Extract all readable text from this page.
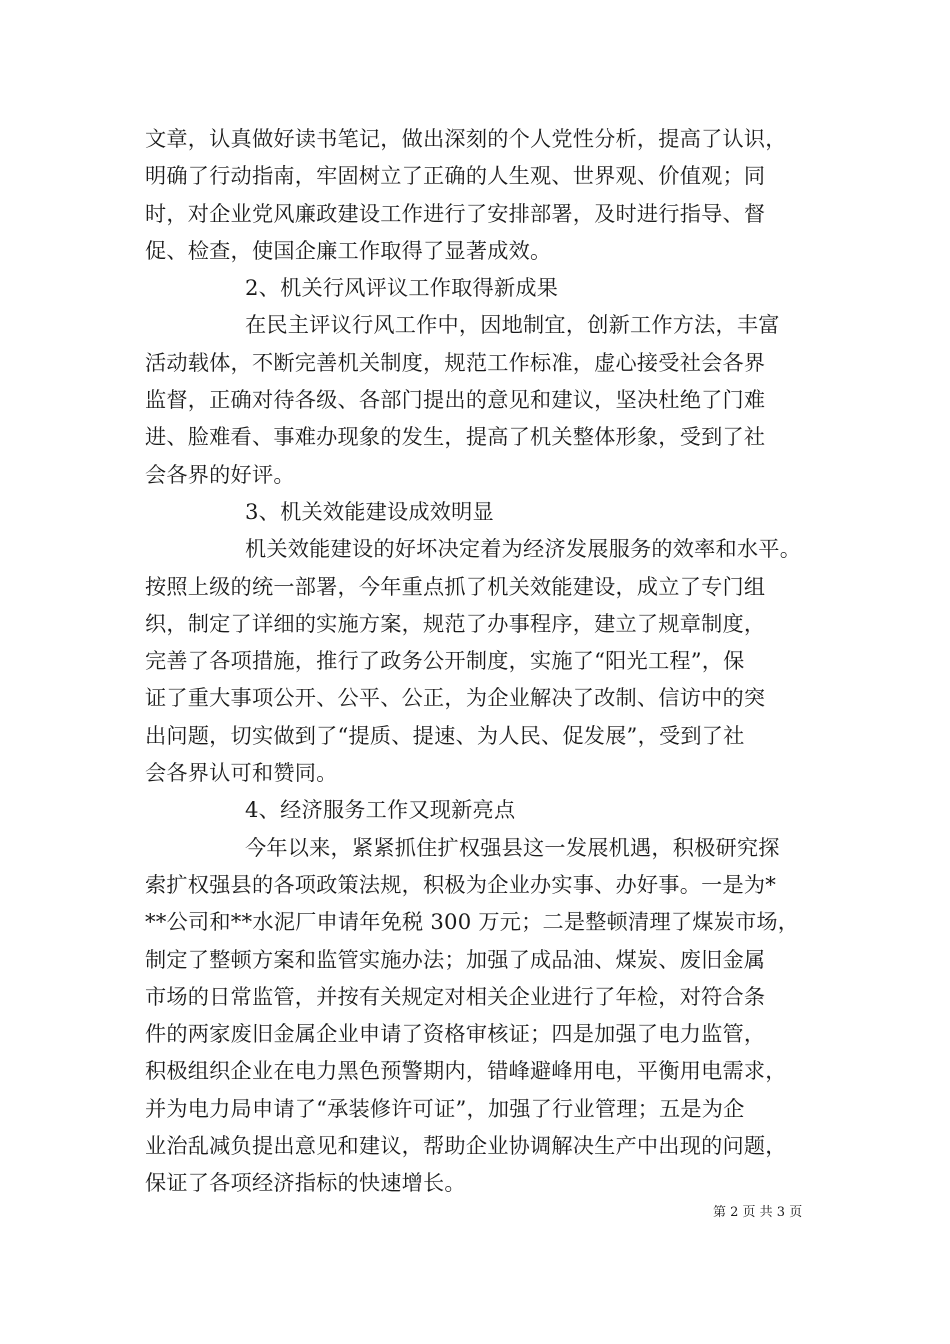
文章，认真做好读书笔记，做出深刻的个人党性分析，提高了认识，
明确了行动指南，牢固树立了正确的人生观、世界观、价值观；同
时，对企业党风廉政建设工作进行了安排部署，及时进行指导、督
促、检查，使国企廉工作取得了显著成效。
2、机关行风评议工作取得新成果
在民主评议行风工作中，因地制宜，创新工作方法，丰富
活动载体，不断完善机关制度，规范工作标准，虚心接受社会各界
监督，正确对待各级、各部门提出的意见和建议，坚决杜绝了门难
进、脸难看、事难办现象的发生，提高了机关整体形象，受到了社
会各界的好评。
3、机关效能建设成效明显
机关效能建设的好坏决定着为经济发展服务的效率和水平。
按照上级的统一部署，今年重点抓了机关效能建设，成立了专门组
织，制定了详细的实施方案，规范了办事程序，建立了规章制度，
完善了各项措施，推行了政务公开制度，实施了“阳光工程”，保
证了重大事项公开、公平、公正，为企业解决了改制、信访中的突
出问题，切实做到了“提质、提速、为人民、促发展”，受到了社
会各界认可和赞同。
4、经济服务工作又现新亮点
今年以来，紧紧抓住扩权强县这一发展机遇，积极研究探
索扩权强县的各项政策法规，积极为企业办实事、办好事。一是为*
**公司和**水泥厂申请年免税 300 万元；二是整顿清理了煤炭市场，
制定了整顿方案和监管实施办法；加强了成品油、煤炭、废旧金属
市场的日常监管，并按有关规定对相关企业进行了年检，对符合条
件的两家废旧金属企业申请了资格审核证；四是加强了电力监管，
积极组织企业在电力黑色预警期内，错峰避峰用电，平衡用电需求，
并为电力局申请了“承装修许可证”，加强了行业管理；五是为企
业治乱减负提出意见和建议，帮助企业协调解决生产中出现的问题，
保证了各项经济指标的快速增长。
第 2 页 共 3 页
